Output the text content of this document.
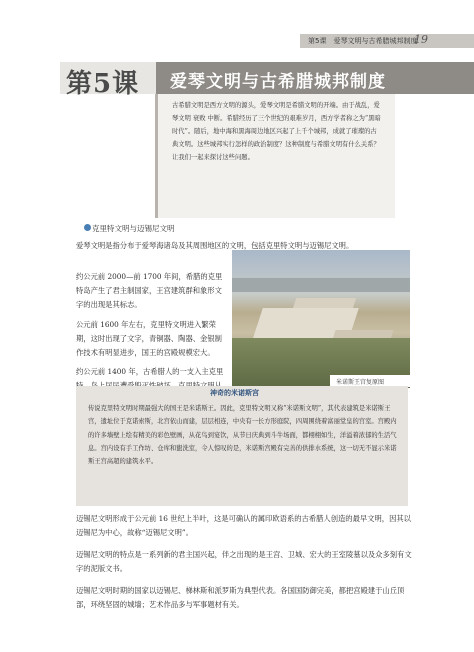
第5课　爱琴文明与古希腊城邦制度
19
第5课 爱琴文明与古希腊城邦制度
古希腊文明是西方文明的源头，爱琴文明是希腊文明的开端。由于战乱，爱琴文明 衰败 中断。希腊经历了三个世纪的艰难岁月，西方学者称之为“黑暗时代”。随后，地中海和黑海周边地区兴起了上千个城邦，成就了璀璨的古典文明。这些城邦实行怎样的政治制度？这种制度与希腊文明有什么关系？让我们一起来探讨这些问题。
克里特文明与迈锡尼文明
爱琴文明是指分布于爱琴海诸岛及其周围地区的文明，包括克里特文明与迈锡尼文明。
约公元前 2000—前 1700 年间，希腊的克里特岛产生了君主制国家，王宫建筑群和象形文字的出现是其标志。
公元前 1600 年左右，克里特文明进入繁荣期，这时出现了文字，青铜器、陶器、金银制作技术有明显进步，国王的宫殿规模宏大。
约公元前 1400 年，古希腊人的一支入主克里
米诺斯王宫复原图
神奇的米诺斯宫
传说克里特文明时期最强大的国王是米诺斯王。因此，克里特文明又称“米诺斯文明”，其代表建筑是米诺斯王宫，遗址位于克诺索斯，北宫依山而建，层层相连，中央有一长方形庭院，四周围绕着富丽堂皇的宫室。宫殿内的许多墙壁上绘有精美的彩色壁画，从花鸟到宴饮，从节日庆典到斗牛场面，都栩栩如生，洋溢着浓郁的生活气息。宫内设有手工作坊、仓库和盥洗室，令人惊叹的是，米诺斯宫殿有完善的供排水系统，这一切无不显示米诺斯王宫高超的建筑水平。
迈锡尼文明形成于公元前 16 世纪上半叶，这是可确认的属印欧语系的古希腊人创造的最早文明，因其以迈锡尼为中心，故称“迈锡尼文明”。
迈锡尼文明的特点是一系列新的君主国兴起，伴之出现的是王宫、卫城、宏大的王室陵墓以及众多刻有文字的泥版文书。
迈锡尼文明时期的国家以迈锡尼、梯林斯和派罗斯为典型代表。各国国防御完美，都把宫殿建于山丘顶部，环绕坚固的城墙；艺术作品多与军事题材有关。
